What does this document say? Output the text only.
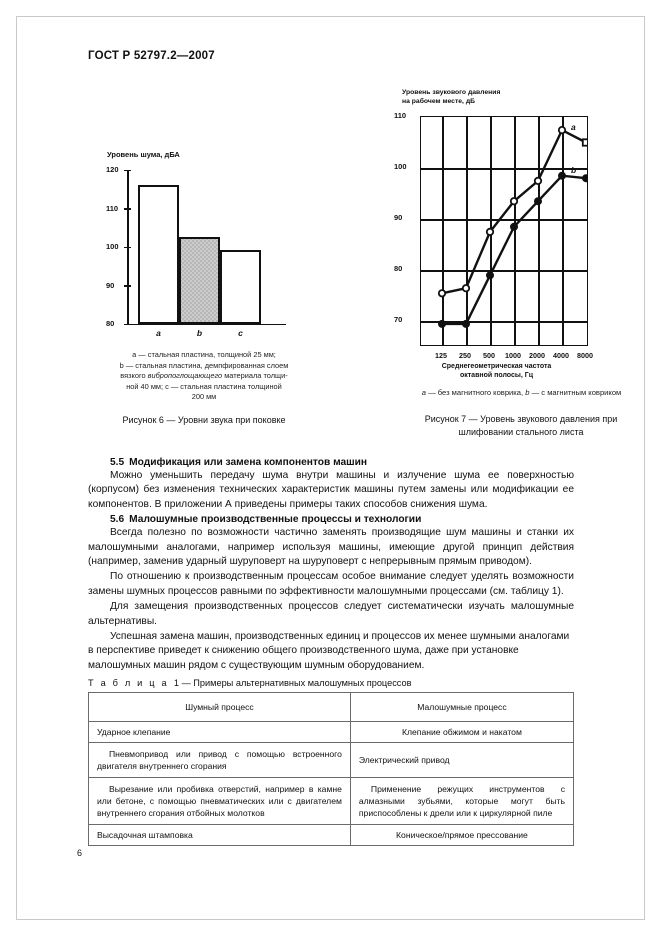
ГОСТ Р 52797.2—2007
Уровень шума, дБА
120
110
100
90
80
a	b	c
a — стальная пластина, толщиной 25 мм;
b — стальная пластина, демпфированная слоем
вязкого вибропоглощающего материала толщи-
ной 40 мм; c — стальная пластина толщиной
200 мм
Рисунок 6 — Уровни звука при поковке
Уровень звукового давления
на рабочем месте, дБ
110
100
90
80
70
a
b
125	250	500	1000	2000	4000	8000
Среднегеометрическая частота
октавной полосы, Гц
a — без магнитного коврика, b — с магнитным ковриком
Рисунок 7 — Уровень звукового давления при
шлифовании стального листа
5.5 Модификация или замена компонентов машин

Можно уменьшить передачу шума внутри машины и излучение шума ее поверхностью (корпусом) без изменения технических характеристик машины путем замены или модификации ее компонентов. В приложении А приведены примеры таких способов снижения шума.

5.6 Малошумные производственные процессы и технологии

Всегда полезно по возможности частично заменять производящие шум машины и станки их малошумными аналогами, например используя машины, имеющие другой принцип действия (например, заменив ударный шуруповерт на шуруповерт с непрерывным прямым приводом).

По отношению к производственным процессам особое внимание следует уделять возможности замены шумных процессов равными по эффективности малошумными процессами (см. таблицу 1).

Для замещения производственных процессов следует систематически изучать малошумные альтернативы.

Успешная замена машин, производственных единиц и процессов их менее шумными аналогами в перспективе приведет к снижению общего производственного шума, даже при установке малошумных машин рядом с существующим шумным оборудованием.

Т а б л и ц а 1 — Примеры альтернативных малошумных процессов
Шумный процесс	Малошумные процесс
Ударное клепание	Клепание обжимом и накатом
Пневмопривод или привод с помощью встроенного двигателя внутреннего сгорания	Электрический привод
Вырезание или пробивка отверстий, например в камне или бетоне, с помощью пневматических или с двигателем внутреннего сгорания отбойных молотков	Применение режущих инструментов с алмазными зубьями, которые могут быть приспособлены к дрели или к циркулярной пиле
Высадочная штамповка	Коническое/прямое прессование
6
